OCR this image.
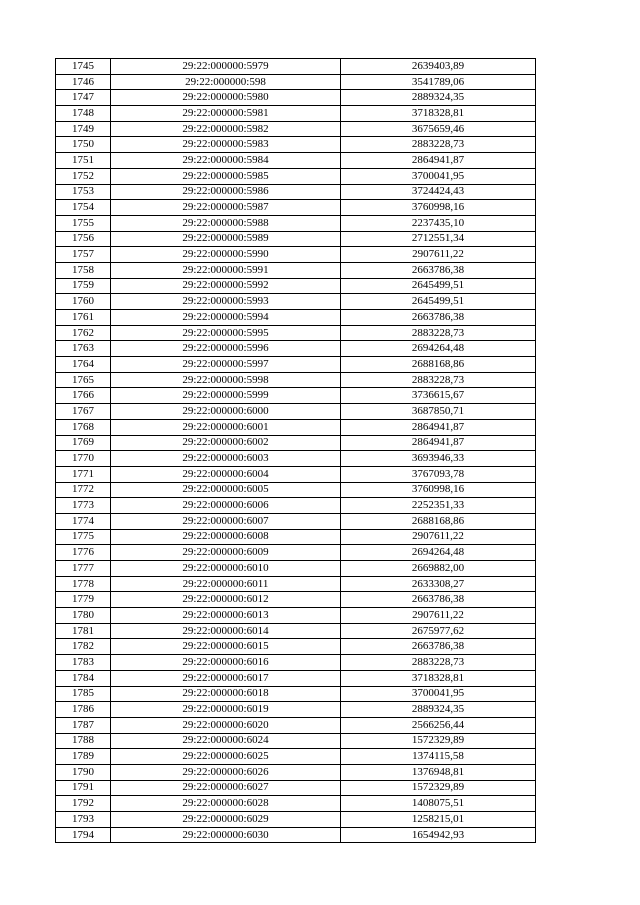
1745	29:22:000000:5979	2639403,89
1746	29:22:000000:598	3541789,06
1747	29:22:000000:5980	2889324,35
1748	29:22:000000:5981	3718328,81
1749	29:22:000000:5982	3675659,46
1750	29:22:000000:5983	2883228,73
1751	29:22:000000:5984	2864941,87
1752	29:22:000000:5985	3700041,95
1753	29:22:000000:5986	3724424,43
1754	29:22:000000:5987	3760998,16
1755	29:22:000000:5988	2237435,10
1756	29:22:000000:5989	2712551,34
1757	29:22:000000:5990	2907611,22
1758	29:22:000000:5991	2663786,38
1759	29:22:000000:5992	2645499,51
1760	29:22:000000:5993	2645499,51
1761	29:22:000000:5994	2663786,38
1762	29:22:000000:5995	2883228,73
1763	29:22:000000:5996	2694264,48
1764	29:22:000000:5997	2688168,86
1765	29:22:000000:5998	2883228,73
1766	29:22:000000:5999	3736615,67
1767	29:22:000000:6000	3687850,71
1768	29:22:000000:6001	2864941,87
1769	29:22:000000:6002	2864941,87
1770	29:22:000000:6003	3693946,33
1771	29:22:000000:6004	3767093,78
1772	29:22:000000:6005	3760998,16
1773	29:22:000000:6006	2252351,33
1774	29:22:000000:6007	2688168,86
1775	29:22:000000:6008	2907611,22
1776	29:22:000000:6009	2694264,48
1777	29:22:000000:6010	2669882,00
1778	29:22:000000:6011	2633308,27
1779	29:22:000000:6012	2663786,38
1780	29:22:000000:6013	2907611,22
1781	29:22:000000:6014	2675977,62
1782	29:22:000000:6015	2663786,38
1783	29:22:000000:6016	2883228,73
1784	29:22:000000:6017	3718328,81
1785	29:22:000000:6018	3700041,95
1786	29:22:000000:6019	2889324,35
1787	29:22:000000:6020	2566256,44
1788	29:22:000000:6024	1572329,89
1789	29:22:000000:6025	1374115,58
1790	29:22:000000:6026	1376948,81
1791	29:22:000000:6027	1572329,89
1792	29:22:000000:6028	1408075,51
1793	29:22:000000:6029	1258215,01
1794	29:22:000000:6030	1654942,93
